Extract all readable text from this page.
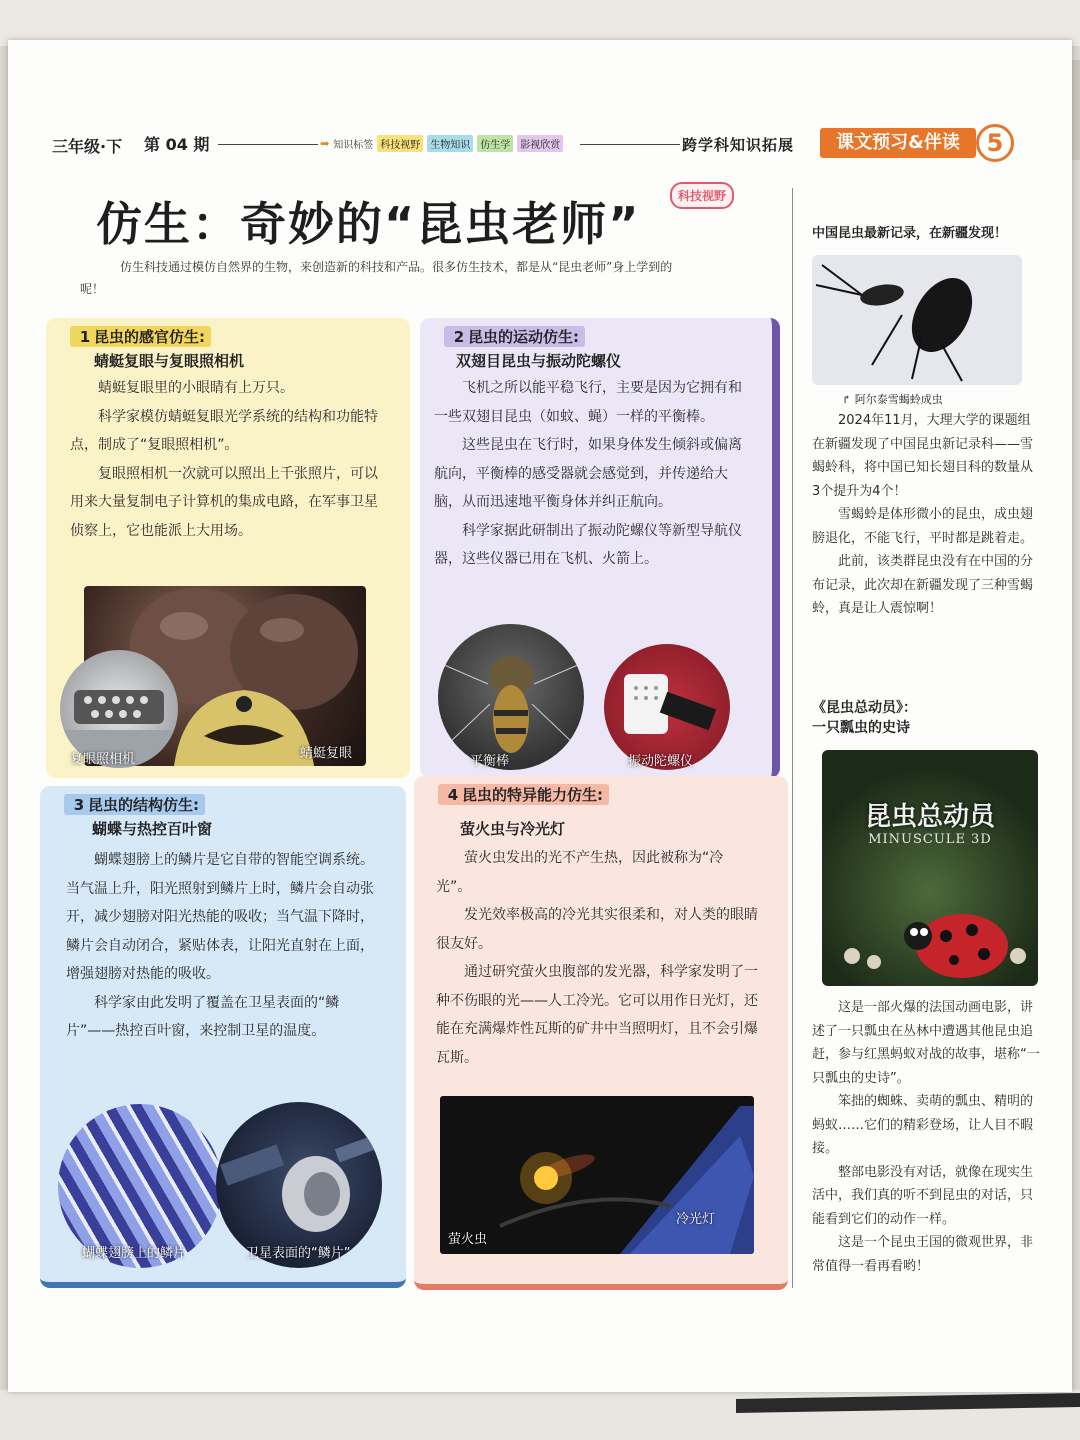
三年级·下 第 04 期	➡ 知识标签 科技视野	生物知识	仿生学	影视欣赏	跨学科知识拓展	课文预习&伴读	5
仿生：奇妙的“昆虫老师”
科技视野
仿生科技通过模仿自然界的生物，来创造新的科技和产品。很多仿生技术，都是从“昆虫老师”身上学到的呢！
1 昆虫的感官仿生:
蜻蜓复眼与复眼照相机

蜻蜓复眼里的小眼睛有上万只。

科学家模仿蜻蜓复眼光学系统的结构和功能特点，制成了“复眼照相机”。

复眼照相机一次就可以照出上千张照片，可以用来大量复制电子计算机的集成电路，在军事卫星侦察上，它也能派上大用场。

复眼照相机	蜻蜓复眼
2 昆虫的运动仿生:
双翅目昆虫与振动陀螺仪

飞机之所以能平稳飞行，主要是因为它拥有和一些双翅目昆虫（如蚊、蝇）一样的平衡棒。

这些昆虫在飞行时，如果身体发生倾斜或偏离航向，平衡棒的感受器就会感觉到，并传递给大脑，从而迅速地平衡身体并纠正航向。

科学家据此研制出了振动陀螺仪等新型导航仪器，这些仪器已用在飞机、火箭上。

平衡棒	振动陀螺仪
3 昆虫的结构仿生:
蝴蝶与热控百叶窗

蝴蝶翅膀上的鳞片是它自带的智能空调系统。当气温上升，阳光照射到鳞片上时，鳞片会自动张开，减少翅膀对阳光热能的吸收；当气温下降时，鳞片会自动闭合，紧贴体表，让阳光直射在上面，增强翅膀对热能的吸收。

科学家由此发明了覆盖在卫星表面的“鳞片”——热控百叶窗，来控制卫星的温度。

蝴蝶翅膀上的鳞片	卫星表面的“鳞片”
4 昆虫的特异能力仿生:
萤火虫与冷光灯

萤火虫发出的光不产生热，因此被称为“冷光”。

发光效率极高的冷光其实很柔和，对人类的眼睛很友好。

通过研究萤火虫腹部的发光器，科学家发明了一种不伤眼的光——人工冷光。它可以用作日光灯，还能在充满爆炸性瓦斯的矿井中当照明灯，且不会引爆瓦斯。

萤火虫
冷光灯
中国昆虫最新记录，在新疆发现！
↱ 阿尔泰雪蝎蛉成虫

2024年11月，大理大学的课题组在新疆发现了中国昆虫新记录科——雪蝎蛉科，将中国已知长翅目科的数量从3个提升为4个！

雪蝎蛉是体形微小的昆虫，成虫翅膀退化，不能飞行，平时都是跳着走。

此前，该类群昆虫没有在中国的分布记录，此次却在新疆发现了三种雪蝎蛉，真是让人震惊啊！

《昆虫总动员》：
一只瓢虫的史诗
昆虫总动员
MINUSCULE 3D

这是一部火爆的法国动画电影，讲述了一只瓢虫在丛林中遭遇其他昆虫追赶，参与红黑蚂蚁对战的故事，堪称“一只瓢虫的史诗”。

笨拙的蜘蛛、卖萌的瓢虫、精明的蚂蚁……它们的精彩登场，让人目不暇接。

整部电影没有对话，就像在现实生活中，我们真的听不到昆虫的对话，只能看到它们的动作一样。

这是一个昆虫王国的微观世界，非常值得一看再看哟！
